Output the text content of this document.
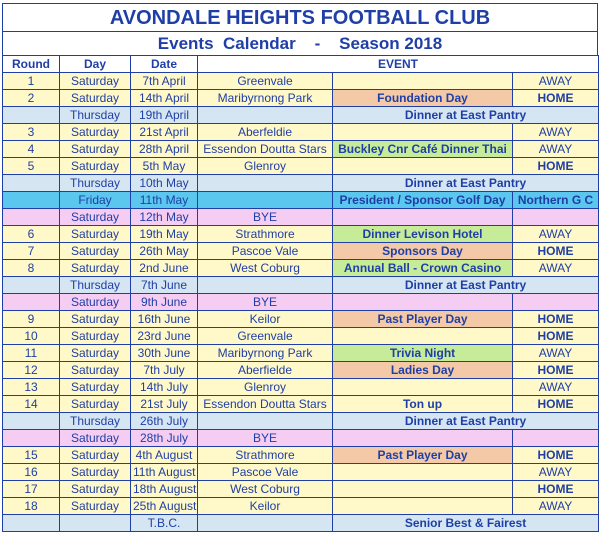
AVONDALE HEIGHTS FOOTBALL CLUB
Events  Calendar    -    Season 2018
Round	Day	Date	EVENT		
1	Saturday	7th April	Greenvale		AWAY
2	Saturday	14th April	Maribyrnong Park	Foundation Day	HOME
	Thursday	19th April		Dinner at East Pantry	
3	Saturday	21st April	Aberfeldie		AWAY
4	Saturday	28th April	Essendon Doutta Stars	Buckley Cnr Café Dinner Thai	AWAY
5	Saturday	5th May	Glenroy		HOME
	Thursday	10th May		Dinner at East Pantry	
	Friday	11th May		President / Sponsor Golf Day	Northern G C
	Saturday	12th May	BYE		
6	Saturday	19th May	Strathmore	Dinner Levison Hotel	AWAY
7	Saturday	26th May	Pascoe Vale	Sponsors Day	HOME
8	Saturday	2nd June	West Coburg	Annual Ball - Crown Casino	AWAY
	Thursday	7th June		Dinner at East Pantry	
	Saturday	9th June	BYE		
9	Saturday	16th June	Keilor	Past Player Day	HOME
10	Saturday	23rd June	Greenvale		HOME
11	Saturday	30th June	Maribyrnong Park	Trivia Night	AWAY
12	Saturday	7th July	Aberfielde	Ladies Day	HOME
13	Saturday	14th July	Glenroy		AWAY
14	Saturday	21st July	Essendon Doutta Stars	Ton up	HOME
	Thursday	26th July		Dinner at East Pantry	
	Saturday	28th July	BYE		
15	Saturday	4th August	Strathmore	Past Player Day	HOME
16	Saturday	11th August	Pascoe Vale		AWAY
17	Saturday	18th August	West Coburg		HOME
18	Saturday	25th August	Keilor		AWAY
		T.B.C.		Senior Best & Fairest	
